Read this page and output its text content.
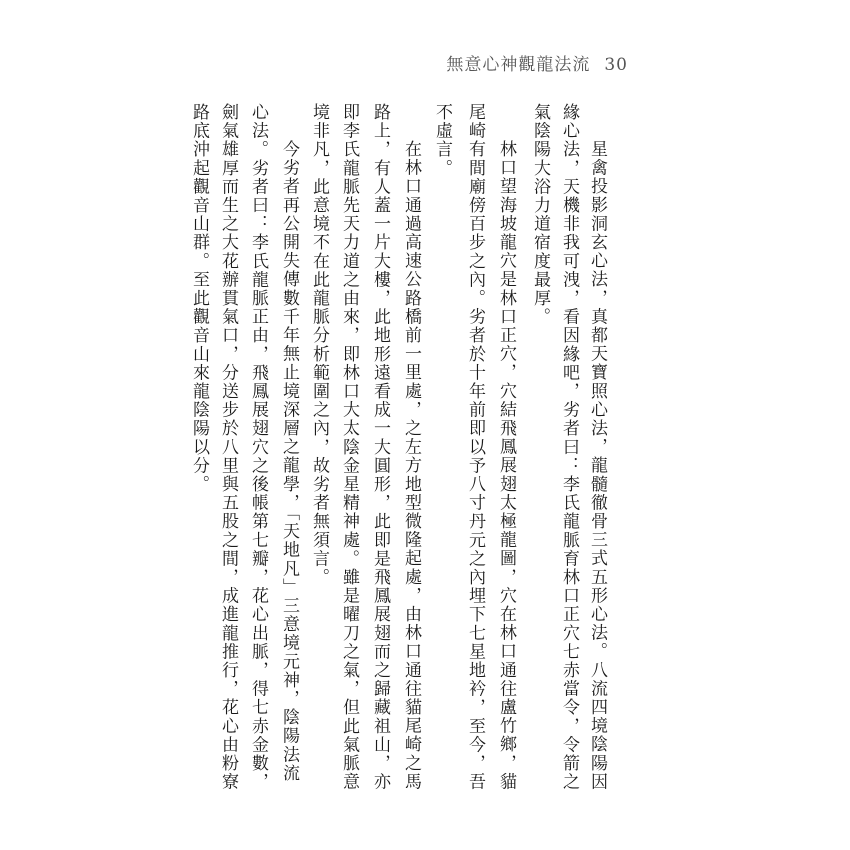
無意心神觀龍法流 30
星禽投影洞玄心法，真都天寶照心法，龍髓徹骨三式五形心法。八流四境陰陽因
緣心法，天機非我可洩，看因緣吧，劣者曰：李氏龍脈育林口正穴七赤當令，令箭之
氣陰陽大浴力道宿度最厚。
林口望海坡龍穴是林口正穴，穴結飛鳳展翅太極龍圖，穴在林口通往盧竹鄉，貓
尾崎有間廟傍百步之內。劣者於十年前即以予八寸丹元之內埋下七星地衿，至今，吾
不虛言。
在林口通過高速公路橋前一里處，之左方地型微隆起處，由林口通往貓尾崎之馬
路上，有人蓋一片大樓，此地形遠看成一大圓形，此即是飛鳳展翅而之歸藏祖山，亦
即李氏龍脈先天力道之由來，即林口大太陰金星精神處。雖是曜刀之氣，但此氣脈意
境非凡，此意境不在此龍脈分析範圍之內，故劣者無須言。
今劣者再公開失傳數千年無止境深層之龍學，「天地凡」三意境元神，陰陽法流
心法。劣者曰：李氏龍脈正由，飛鳳展翅穴之後帳第七瓣，花心出脈，得七赤金數，
劍氣雄厚而生之大花辦貫氣口，分送步於八里與五股之間，成進龍推行，花心由粉寮
路底沖起觀音山群。至此觀音山來龍陰陽以分。
